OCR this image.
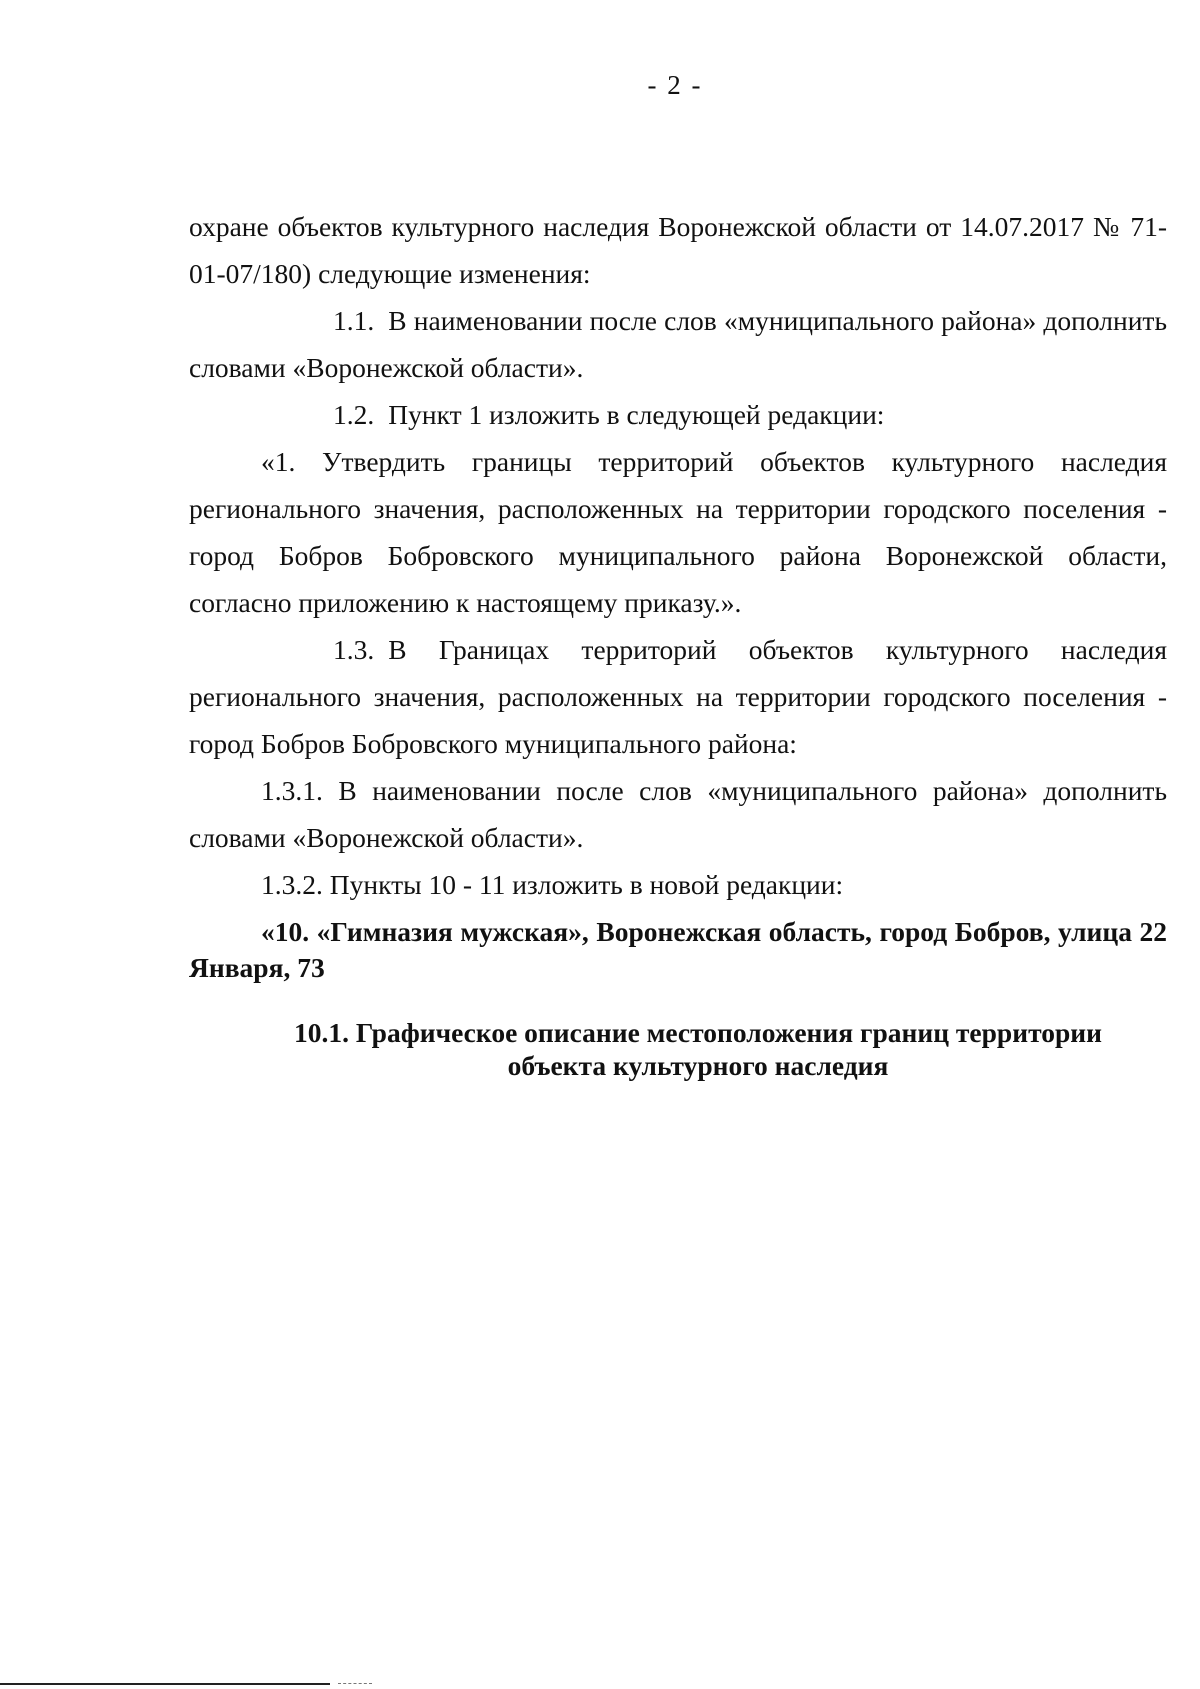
- 2 -

охране объектов культурного наследия Воронежской области от 14.07.2017 № 71-01-07/180) следующие изменения:

1.1. В наименовании после слов «муниципального района» дополнить словами «Воронежской области».

1.2. Пункт 1 изложить в следующей редакции:

«1. Утвердить границы территорий объектов культурного наследия регионального значения, расположенных на территории городского поселения - город Бобров Бобровского муниципального района Воронежской области, согласно приложению к настоящему приказу.».

1.3. В Границах территорий объектов культурного наследия регионального значения, расположенных на территории городского поселения - город Бобров Бобровского муниципального района:

1.3.1. В наименовании после слов «муниципального района» дополнить словами «Воронежской области».

1.3.2. Пункты 10 - 11 изложить в новой редакции:

«10. «Гимназия мужская», Воронежская область, город Бобров, улица 22 Января, 73

10.1. Графическое описание местоположения границ территории
объекта культурного наследия
